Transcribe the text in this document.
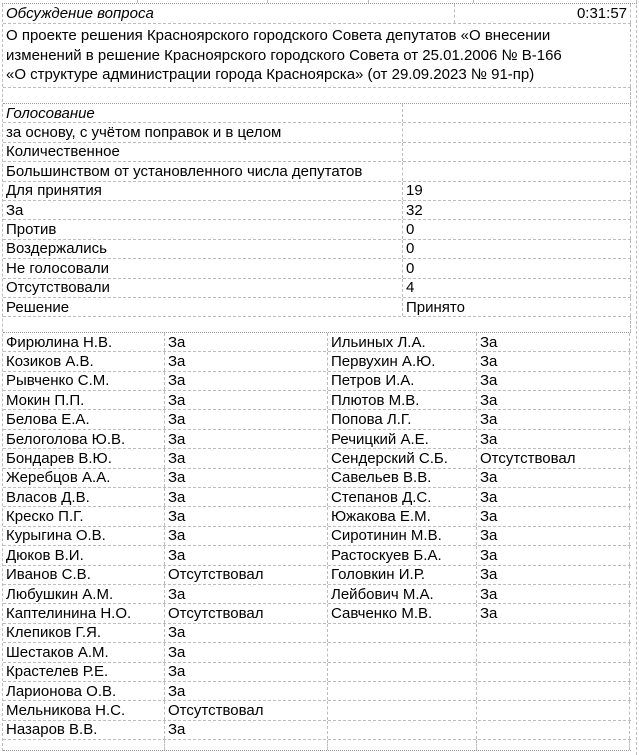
Обсуждение вопроса	0:31:57
О проекте решения Красноярского городского Совета депутатов «О внесении
изменений в решение Красноярского городского Совета от 25.01.2006 № В-166
«О структуре администрации города Красноярска» (от 29.09.2023 № 91-пр)
Голосование
за основу, с учётом поправок и в целом
Количественное
Большинством от установленного числа депутатов
Для принятия	19
За	32
Против	0
Воздержались	0
Не голосовали	0
Отсутствовали	4
Решение	Принято
Фирюлина Н.В.	За	Ильиных Л.А.	За
Козиков А.В.	За	Первухин А.Ю.	За
Рывченко С.М.	За	Петров И.А.	За
Мокин П.П.	За	Плютов М.В.	За
Белова Е.А.	За	Попова Л.Г.	За
Белоголова Ю.В.	За	Речицкий А.Е.	За
Бондарев В.Ю.	За	Сендерский С.Б.	Отсутствовал
Жеребцов А.А.	За	Савельев В.В.	За
Власов Д.В.	За	Степанов Д.С.	За
Креско П.Г.	За	Южакова Е.М.	За
Курыгина О.В.	За	Сиротинин М.В.	За
Дюков В.И.	За	Растоскуев Б.А.	За
Иванов С.В.	Отсутствовал	Головкин И.Р.	За
Любушкин А.М.	За	Лейбович М.А.	За
Каптелинина Н.О.	Отсутствовал	Савченко М.В.	За
Клепиков Г.Я.	За
Шестаков А.М.	За
Крастелев Р.Е.	За
Ларионова О.В.	За
Мельникова Н.С.	Отсутствовал
Назаров В.В.	За
